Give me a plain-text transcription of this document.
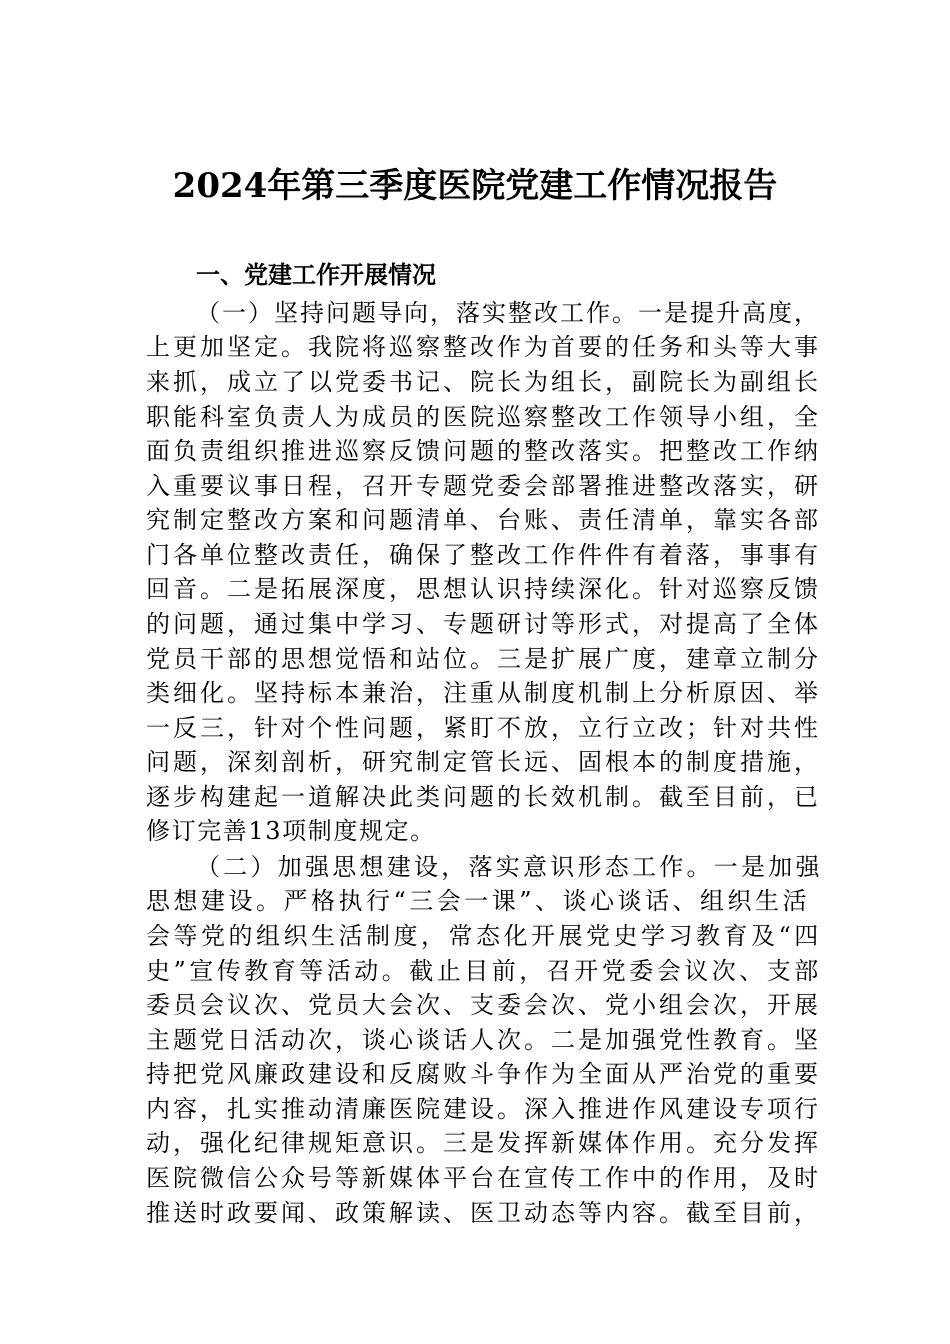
2024年第三季度医院党建工作情况报告
一、党建工作开展情况
（一）坚持问题导向，落实整改工作。一是提升高度，
上更加坚定。我院将巡察整改作为首要的任务和头等大事
来抓，成立了以党委书记、院长为组长，副院长为副组长
职能科室负责人为成员的医院巡察整改工作领导小组，全
面负责组织推进巡察反馈问题的整改落实。把整改工作纳
入重要议事日程，召开专题党委会部署推进整改落实，研
究制定整改方案和问题清单、台账、责任清单，靠实各部
门各单位整改责任，确保了整改工作件件有着落，事事有
回音。二是拓展深度，思想认识持续深化。针对巡察反馈
的问题，通过集中学习、专题研讨等形式，对提高了全体
党员干部的思想觉悟和站位。三是扩展广度，建章立制分
类细化。坚持标本兼治，注重从制度机制上分析原因、举
一反三，针对个性问题，紧盯不放，立行立改；针对共性
问题，深刻剖析，研究制定管长远、固根本的制度措施，
逐步构建起一道解决此类问题的长效机制。截至目前，已
修订完善13项制度规定。
（二）加强思想建设，落实意识形态工作。一是加强
思想建设。严格执行“三会一课”、谈心谈话、组织生活
会等党的组织生活制度，常态化开展党史学习教育及“四
史”宣传教育等活动。截止目前，召开党委会议次、支部
委员会议次、党员大会次、支委会次、党小组会次，开展
主题党日活动次，谈心谈话人次。二是加强党性教育。坚
持把党风廉政建设和反腐败斗争作为全面从严治党的重要
内容，扎实推动清廉医院建设。深入推进作风建设专项行
动，强化纪律规矩意识。三是发挥新媒体作用。充分发挥
医院微信公众号等新媒体平台在宣传工作中的作用，及时
推送时政要闻、政策解读、医卫动态等内容。截至目前，
